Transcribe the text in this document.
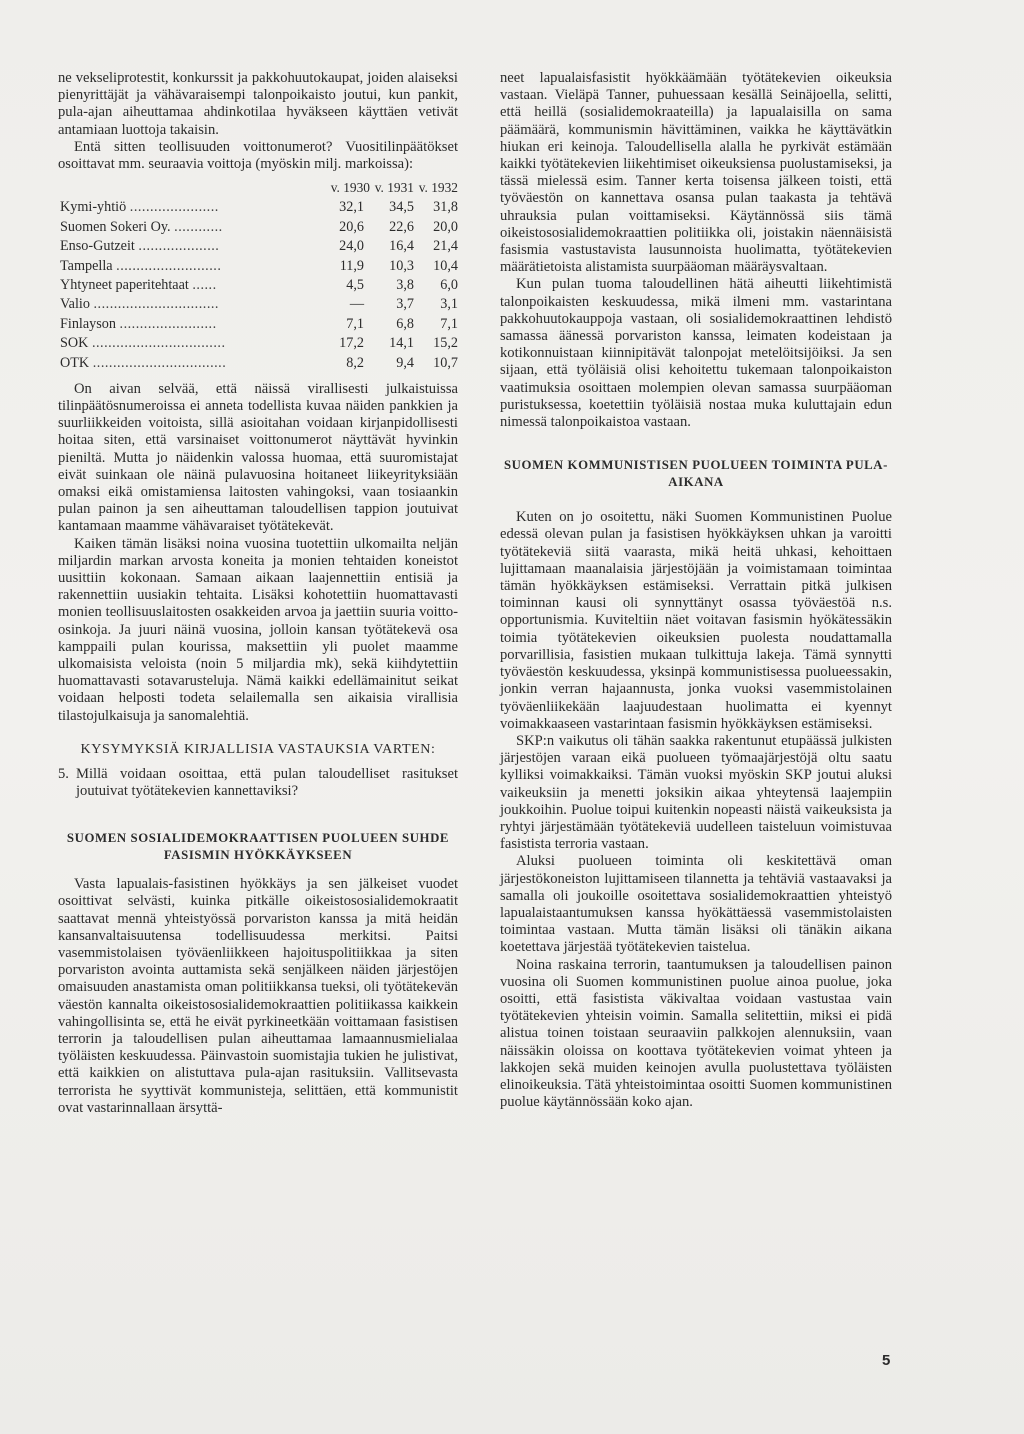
ne vekseliprotestit, konkurssit ja pakkohuutokaupat, joiden alaiseksi pienyrittäjät ja vähävaraisempi talonpoikaisto joutui, kun pankit, pula-ajan aiheuttamaa ahdinkotilaa hyväkseen käyttäen vetivät antamiaan luottoja takaisin.

Entä sitten teollisuuden voittonumerot? Vuositilinpäätökset osoittavat mm. seuraavia voittoja (myöskin milj. markoissa):

	v. 1930	v. 1931	v. 1932
Kymi-yhtiö ......................	32,1	34,5	31,8
Suomen Sokeri Oy. ............	20,6	22,6	20,0
Enso-Gutzeit ....................	24,0	16,4	21,4
Tampella ..........................	11,9	10,3	10,4
Yhtyneet paperitehtaat ......	4,5	3,8	6,0
Valio ...............................	—	3,7	3,1
Finlayson ........................	7,1	6,8	7,1
SOK .................................	17,2	14,1	15,2
OTK .................................	8,2	9,4	10,7

On aivan selvää, että näissä virallisesti julkaistuissa tilinpäätösnumeroissa ei anneta todellista kuvaa näiden pankkien ja suurliikkeiden voitoista, sillä asioitahan voidaan kirjanpidollisesti hoitaa siten, että varsinaiset voittonumerot näyttävät hyvinkin pieniltä. Mutta jo näidenkin valossa huomaa, että suuromistajat eivät suinkaan ole näinä pulavuosina hoitaneet liikeyrityksiään omaksi eikä omistamiensa laitosten vahingoksi, vaan tosiaankin pulan painon ja sen aiheuttaman taloudellisen tappion joutuivat kantamaan maamme vähävaraiset työtätekevät.

Kaiken tämän lisäksi noina vuosina tuotettiin ulkomailta neljän miljardin markan arvosta koneita ja monien tehtaiden koneistot uusittiin kokonaan. Samaan aikaan laajennettiin entisiä ja rakennettiin uusiakin tehtaita. Lisäksi kohotettiin huomattavasti monien teollisuuslaitosten osakkeiden arvoa ja jaettiin suuria voitto-osinkoja. Ja juuri näinä vuosina, jolloin kansan työtätekevä osa kamppaili pulan kourissa, maksettiin yli puolet maamme ulkomaisista veloista (noin 5 miljardia mk), sekä kiihdytettiin huomattavasti sotavarusteluja. Nämä kaikki edellämainitut seikat voidaan helposti todeta selailemalla sen aikaisia virallisia tilastojulkaisuja ja sanomalehtiä.

KYSYMYKSIÄ KIRJALLISIA VASTAUKSIA VARTEN:
5. Millä voidaan osoittaa, että pulan taloudelliset rasitukset joutuivat työtätekevien kannettaviksi?
SUOMEN SOSIALIDEMOKRAATTISEN PUOLUEEN SUHDE FASISMIN HYÖKKÄYKSEEN

Vasta lapualais-fasistinen hyökkäys ja sen jälkeiset vuodet osoittivat selvästi, kuinka pitkälle oikeistososialidemokraatit saattavat mennä yhteistyössä porvariston kanssa ja mitä heidän kansanvaltaisuutensa todellisuudessa merkitsi. Paitsi vasemmistolaisen työväenliikkeen hajoituspolitiikkaa ja siten porvariston avointa auttamista sekä senjälkeen näiden järjestöjen omaisuuden anastamista oman politiikkansa tueksi, oli työtätekevän väestön kannalta oikeistososialidemokraattien politiikassa kaikkein vahingollisinta se, että he eivät pyrkineetkään voittamaan fasistisen terrorin ja taloudellisen pulan aiheuttamaa lamaannusmielialaa työläisten keskuudessa. Päinvastoin suomistajia tukien he julistivat, että kaikkien on alistuttava pula-ajan rasituksiin. Vallitsevasta terrorista he syyttivät kommunisteja, selittäen, että kommunistit ovat vastarinnallaan ärsyttä-

neet lapualaisfasistit hyökkäämään työtätekevien oikeuksia vastaan. Vieläpä Tanner, puhuessaan kesällä Seinäjoella, selitti, että heillä (sosialidemokraateilla) ja lapualaisilla on sama päämäärä, kommunismin hävittäminen, vaikka he käyttävätkin hiukan eri keinoja. Taloudellisella alalla he pyrkivät estämään kaikki työtätekevien liikehtimiset oikeuksiensa puolustamiseksi, ja tässä mielessä esim. Tanner kerta toisensa jälkeen toisti, että työväestön on kannettava osansa pulan taakasta ja tehtävä uhrauksia pulan voittamiseksi. Käytännössä siis tämä oikeistososialidemokraattien politiikka oli, joistakin näennäisistä fasismia vastustavista lausunnoista huolimatta, työtätekevien määrätietoista alistamista suurpääoman määräysvaltaan.

Kun pulan tuoma taloudellinen hätä aiheutti liikehtimistä talonpoikaisten keskuudessa, mikä ilmeni mm. vastarintana pakkohuutokauppoja vastaan, oli sosialidemokraattinen lehdistö samassa äänessä porvariston kanssa, leimaten kodeistaan ja kotikonnuistaan kiinnipitävät talonpojat metelöitsijöiksi. Ja sen sijaan, että työläisiä olisi kehoitettu tukemaan talonpoikaiston vaatimuksia osoittaen molempien olevan samassa suurpääoman puristuksessa, koetettiin työläisiä nostaa muka kuluttajain edun nimessä talonpoikaistoa vastaan.

SUOMEN KOMMUNISTISEN PUOLUEEN TOIMINTA PULA-AIKANA

Kuten on jo osoitettu, näki Suomen Kommunistinen Puolue edessä olevan pulan ja fasistisen hyökkäyksen uhkan ja varoitti työtätekeviä siitä vaarasta, mikä heitä uhkasi, kehoittaen lujittamaan maanalaisia järjestöjään ja voimistamaan toimintaa tämän hyökkäyksen estämiseksi. Verrattain pitkä julkisen toiminnan kausi oli synnyttänyt osassa työväestöä n.s. opportunismia. Kuviteltiin näet voitavan fasismin hyökätessäkin toimia työtätekevien oikeuksien puolesta noudattamalla porvarillisia, fasistien mukaan tulkittuja lakeja. Tämä synnytti työväestön keskuudessa, yksinpä kommunistisessa puolueessakin, jonkin verran hajaannusta, jonka vuoksi vasemmistolainen työväenliikekään laajuudestaan huolimatta ei kyennyt voimakkaaseen vastarintaan fasismin hyökkäyksen estämiseksi.

SKP:n vaikutus oli tähän saakka rakentunut etupäässä julkisten järjestöjen varaan eikä puolueen työmaajärjestöjä oltu saatu kylliksi voimakkaiksi. Tämän vuoksi myöskin SKP joutui aluksi vaikeuksiin ja menetti joksikin aikaa yhteytensä laajempiin joukkoihin. Puolue toipui kuitenkin nopeasti näistä vaikeuksista ja ryhtyi järjestämään työtätekeviä uudelleen taisteluun voimistuvaa fasistista terroria vastaan.

Aluksi puolueen toiminta oli keskitettävä oman järjestökoneiston lujittamiseen tilannetta ja tehtäviä vastaavaksi ja samalla oli joukoille osoitettava sosialidemokraattien yhteistyö lapualaistaantumuksen kanssa hyökättäessä vasemmistolaisten toimintaa vastaan. Mutta tämän lisäksi oli tänäkin aikana koetettava järjestää työtätekevien taistelua.

Noina raskaina terrorin, taantumuksen ja taloudellisen painon vuosina oli Suomen kommunistinen puolue ainoa puolue, joka osoitti, että fasistista väkivaltaa voidaan vastustaa vain työtätekevien yhteisin voimin. Samalla selitettiin, miksi ei pidä alistua toinen toistaan seuraaviin palkkojen alennuksiin, vaan näissäkin oloissa on koottava työtätekevien voimat yhteen ja lakkojen sekä muiden keinojen avulla puolustettava työläisten elinoikeuksia. Tätä yhteistoimintaa osoitti Suomen kommunistinen puolue käytännössään koko ajan.

5
